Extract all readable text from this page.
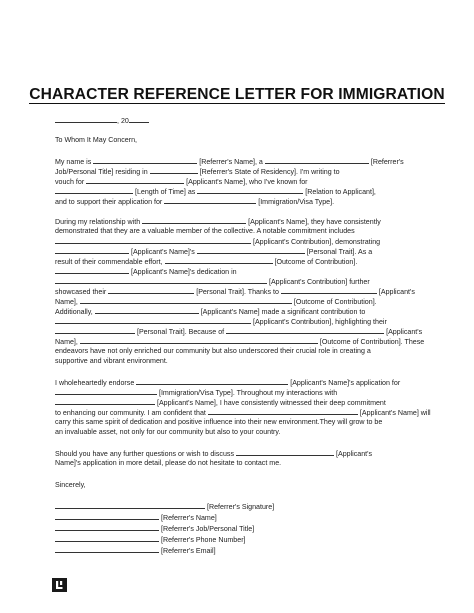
CHARACTER REFERENCE LETTER FOR IMMIGRATION
, 20
To Whom It May Concern,
My name is	[Referrer's Name], a	[Referrer's
Job/Personal Title] residing in	[Referrer's State of Residency]. I'm writing to
vouch for	[Applicant's Name], who I've known for
[Length of Time] as	[Relation to Applicant],
and to support their application for	[Immigration/Visa Type].
During my relationship with	[Applicant's Name], they have consistently
demonstrated that they are a valuable member of the collective. A notable commitment includes
[Applicant's Contribution], demonstrating
[Applicant's Name]'s	[Personal Trait]. As a
result of their commendable effort,	[Outcome of Contribution].
[Applicant's Name]'s dedication in
[Applicant's Contribution] further
showcased their	[Personal Trait]. Thanks to	[Applicant's
Name],	[Outcome of Contribution].
Additionally,	[Applicant's Name] made a significant contribution to
[Applicant's Contribution], highlighting their
[Personal Trait]. Because of	[Applicant's
Name],	[Outcome of Contribution]. These
endeavors have not only enriched our community but also underscored their crucial role in creating a
supportive and vibrant environment.
I wholeheartedly endorse	[Applicant's Name]'s application for
[Immigration/Visa Type]. Throughout my interactions with
[Applicant's Name], I have consistently witnessed their deep commitment
to enhancing our community. I am confident that	[Applicant's Name] will
carry this same spirit of dedication and positive influence into their new environment.They will grow to be
an invaluable asset, not only for our community but also to your country.
Should you have any further questions or wish to discuss	[Applicant's
Name]'s application in more detail, please do not hesitate to contact me.
Sincerely,
[Referrer's Signature]
[Referrer's Name]
[Referrer's Job/Personal Title]
[Referrer's Phone Number]
[Referrer's Email]
